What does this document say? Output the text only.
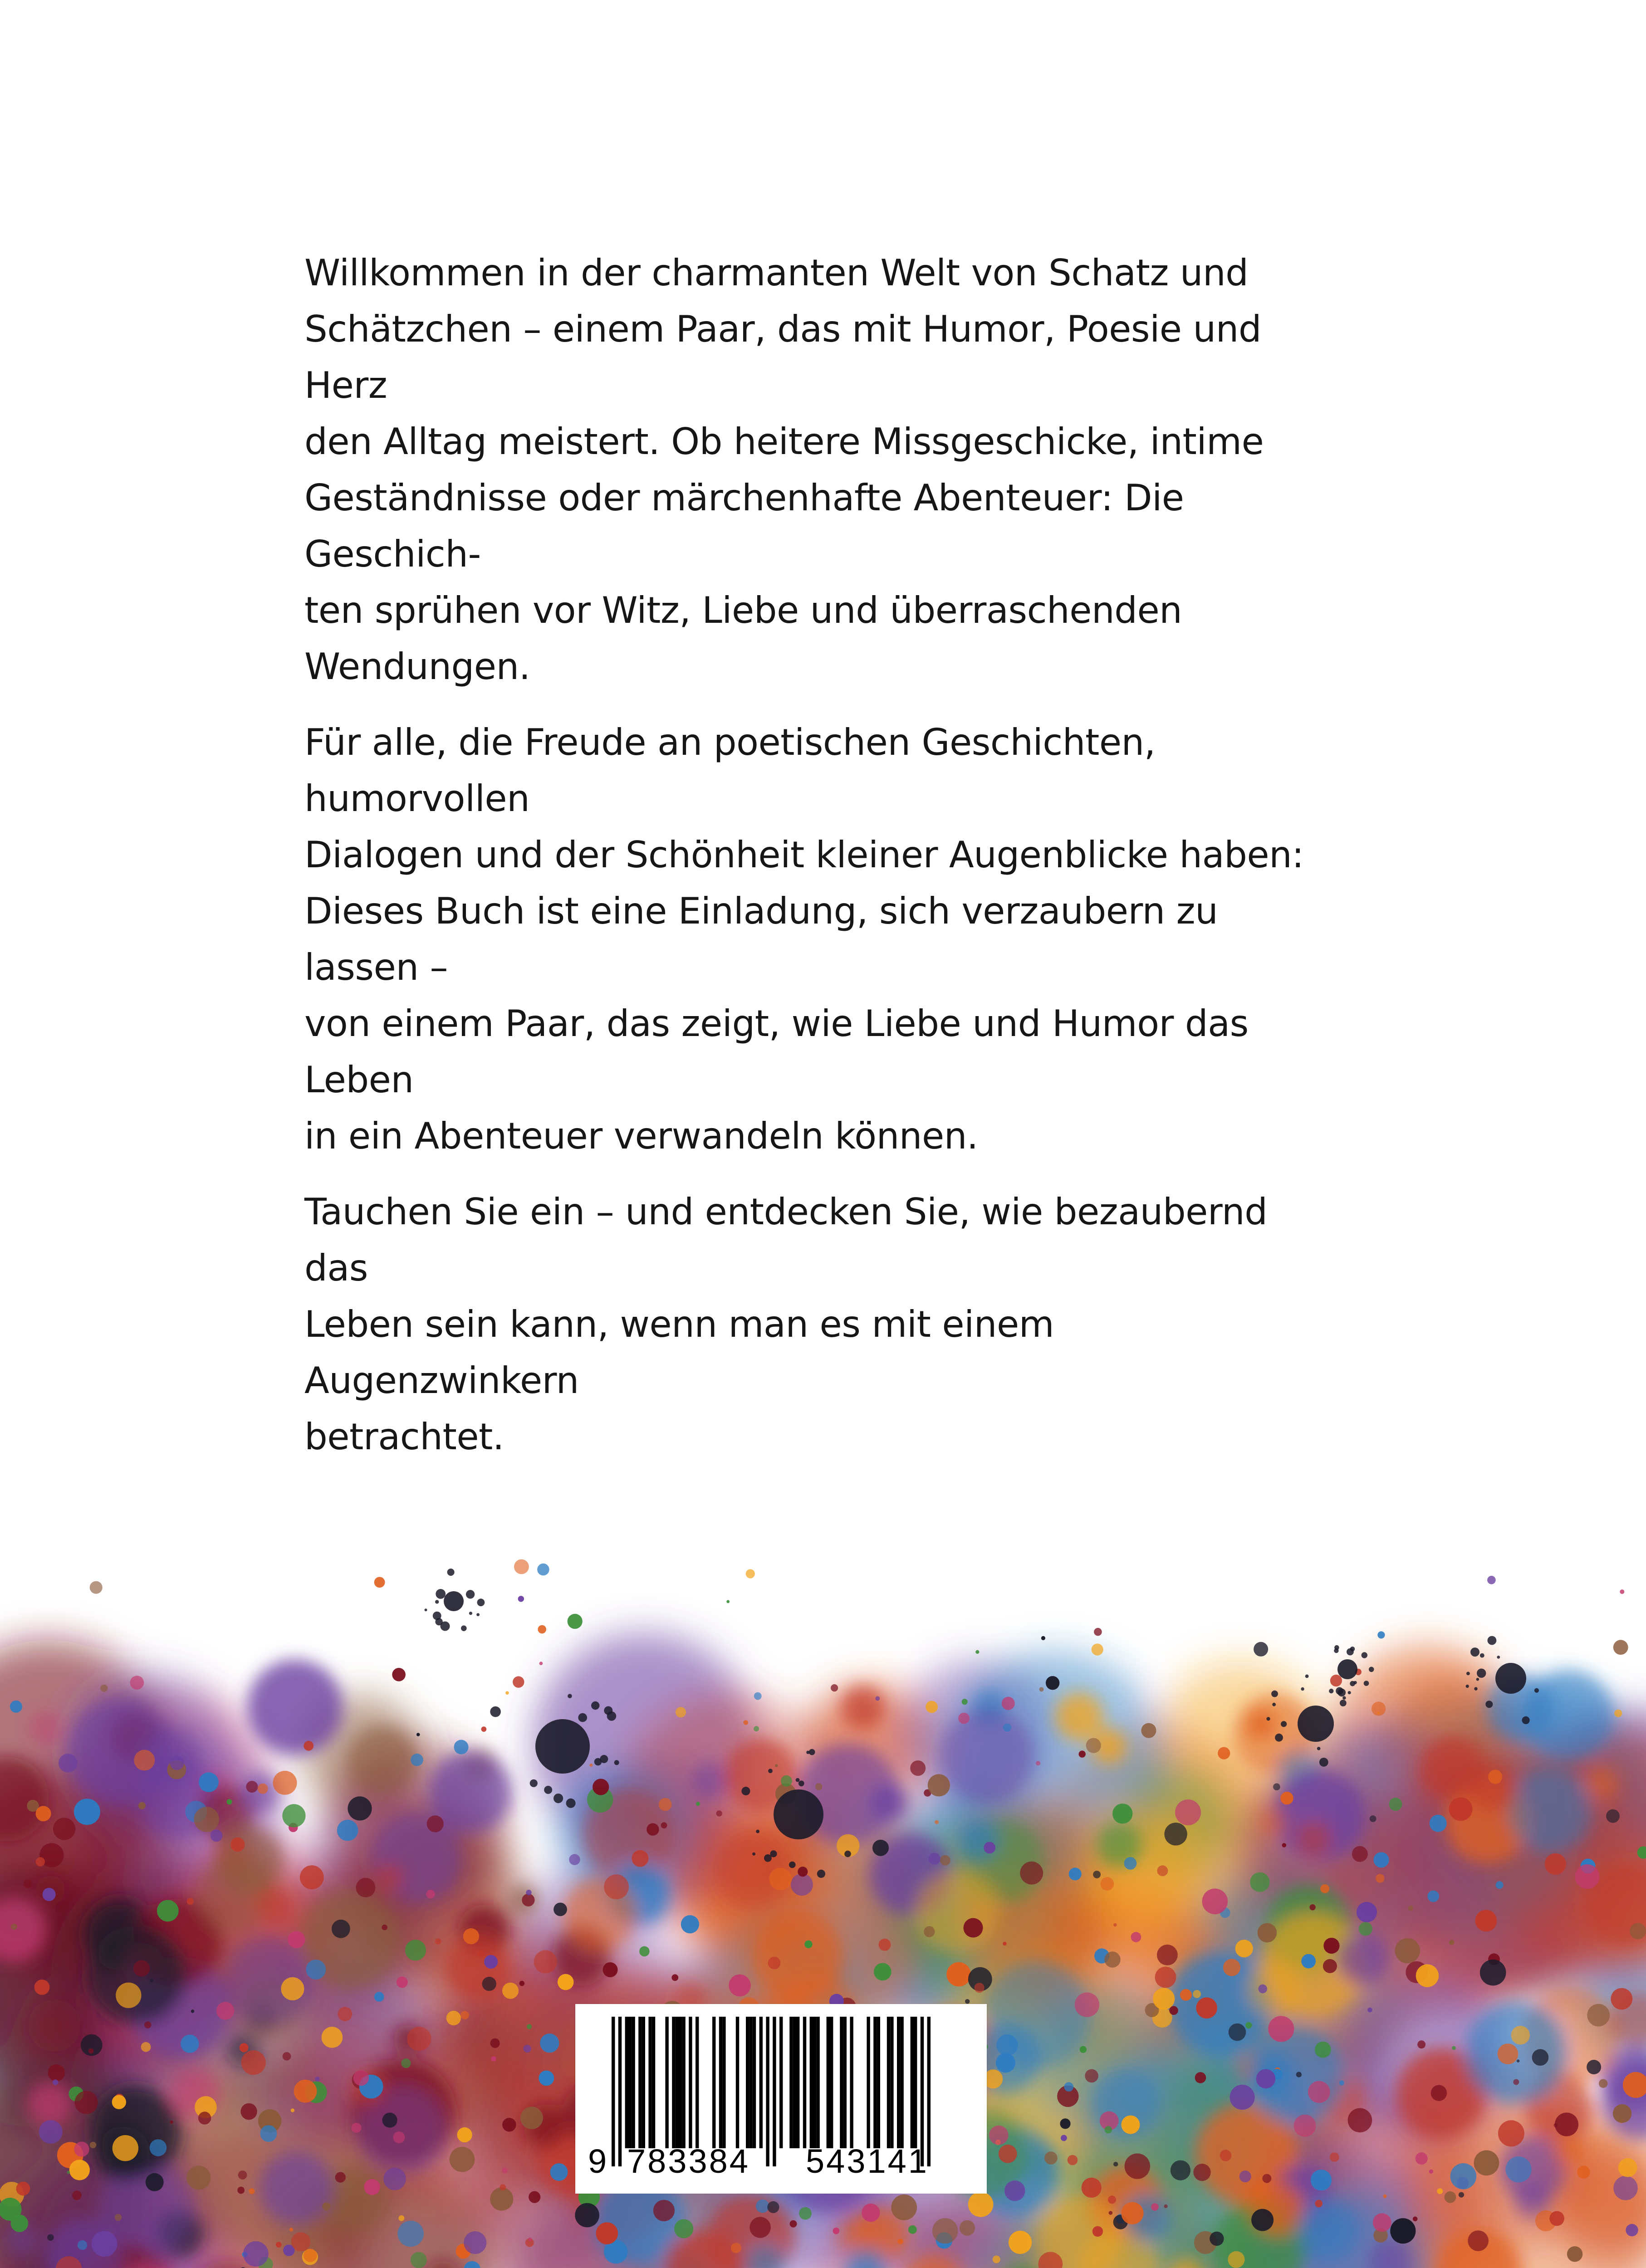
Willkommen in der charmanten Welt von Schatz und
Schätzchen – einem Paar, das mit Humor, Poesie und Herz
den Alltag meistert. Ob heitere Missgeschicke, intime
Geständnisse oder märchenhafte Abenteuer: Die Geschich-
ten sprühen vor Witz, Liebe und überraschenden
Wendungen.

Für alle, die Freude an poetischen Geschichten, humorvollen
Dialogen und der Schönheit kleiner Augenblicke haben:
Dieses Buch ist eine Einladung, sich verzaubern zu lassen –
von einem Paar, das zeigt, wie Liebe und Humor das Leben
in ein Abenteuer verwandeln können.

Tauchen Sie ein – und entdecken Sie, wie bezaubernd das
Leben sein kann, wenn man es mit einem Augenzwinkern
betrachtet.

9 783384 543141
